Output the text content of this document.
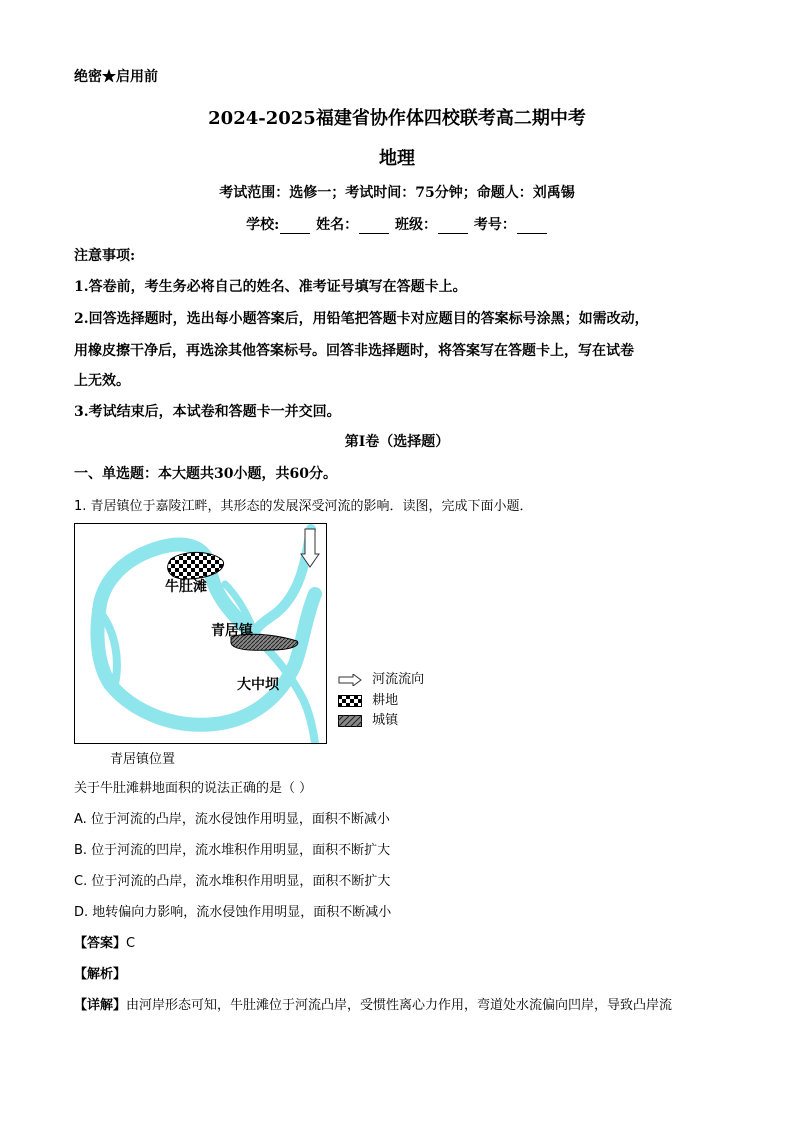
绝密★启用前
2024-2025福建省协作体四校联考高二期中考
地理
考试范围：选修一；考试时间：75分钟；命题人：刘禹锡
学校:	姓名：	班级：	考号：
注意事项:
1.答卷前，考生务必将自己的姓名、准考证号填写在答题卡上。
2.回答选择题时，选出每小题答案后，用铅笔把答题卡对应题目的答案标号涂黑；如需改动，
用橡皮擦干净后，再选涂其他答案标号。回答非选择题时，将答案写在答题卡上，写在试卷
上无效。
3.考试结束后，本试卷和答题卡一并交回。
第I卷（选择题）
一、单选题：本大题共30小题，共60分。
1. 青居镇位于嘉陵江畔，其形态的发展深受河流的影响．读图，完成下面小题．
牛肚滩
青居镇
大中坝	河流流向
耕地
城镇
青居镇位置
关于牛肚滩耕地面积的说法正确的是（ ）
A. 位于河流的凸岸，流水侵蚀作用明显，面积不断减小
B. 位于河流的凹岸，流水堆积作用明显，面积不断扩大
C. 位于河流的凸岸，流水堆积作用明显，面积不断扩大
D. 地转偏向力影响，流水侵蚀作用明显，面积不断减小
【答案】C
【解析】
【详解】由河岸形态可知，牛肚滩位于河流凸岸，受惯性离心力作用，弯道处水流偏向凹岸，导致凸岸流
